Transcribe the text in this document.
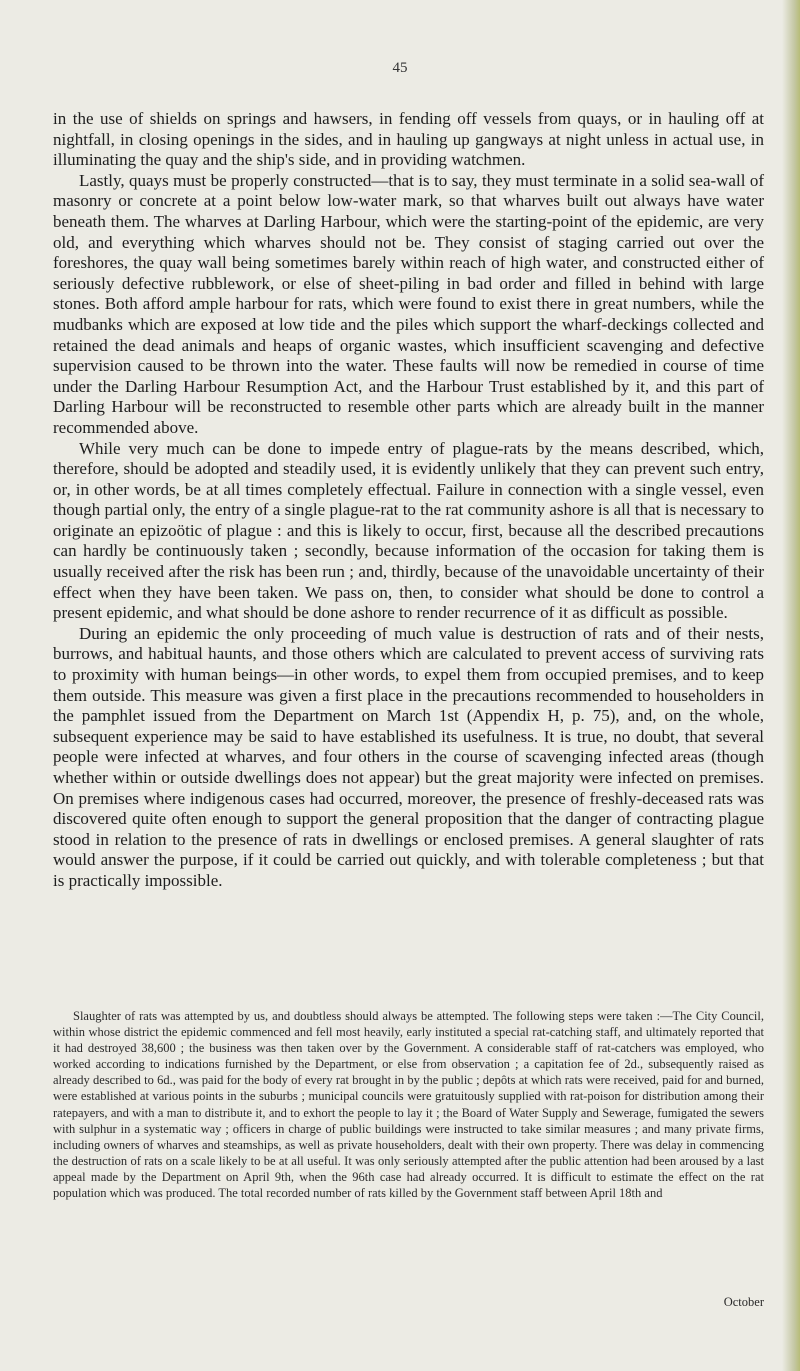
45

in the use of shields on springs and hawsers, in fending off vessels from quays, or in hauling off at nightfall, in closing openings in the sides, and in hauling up gangways at night unless in actual use, in illuminating the quay and the ship's side, and in providing watchmen.

Lastly, quays must be properly constructed—that is to say, they must terminate in a solid sea-wall of masonry or concrete at a point below low-water mark, so that wharves built out always have water beneath them. The wharves at Darling Harbour, which were the starting-point of the epidemic, are very old, and everything which wharves should not be. They consist of staging carried out over the foreshores, the quay wall being sometimes barely within reach of high water, and constructed either of seriously defective rubblework, or else of sheet-piling in bad order and filled in behind with large stones. Both afford ample harbour for rats, which were found to exist there in great numbers, while the mudbanks which are exposed at low tide and the piles which support the wharf-deckings collected and retained the dead animals and heaps of organic wastes, which insufficient scavenging and defective supervision caused to be thrown into the water. These faults will now be remedied in course of time under the Darling Harbour Resumption Act, and the Harbour Trust established by it, and this part of Darling Harbour will be reconstructed to resemble other parts which are already built in the manner recommended above.

While very much can be done to impede entry of plague-rats by the means described, which, therefore, should be adopted and steadily used, it is evidently unlikely that they can prevent such entry, or, in other words, be at all times completely effectual. Failure in connection with a single vessel, even though partial only, the entry of a single plague-rat to the rat community ashore is all that is necessary to originate an epizoötic of plague : and this is likely to occur, first, because all the described precautions can hardly be continuously taken ; secondly, because information of the occasion for taking them is usually received after the risk has been run ; and, thirdly, because of the unavoidable uncertainty of their effect when they have been taken. We pass on, then, to consider what should be done to control a present epidemic, and what should be done ashore to render recurrence of it as difficult as possible.

During an epidemic the only proceeding of much value is destruction of rats and of their nests, burrows, and habitual haunts, and those others which are calculated to prevent access of surviving rats to proximity with human beings—in other words, to expel them from occupied premises, and to keep them outside. This measure was given a first place in the precautions recommended to householders in the pamphlet issued from the Department on March 1st (Appendix H, p. 75), and, on the whole, subsequent experience may be said to have established its usefulness. It is true, no doubt, that several people were infected at wharves, and four others in the course of scavenging infected areas (though whether within or outside dwellings does not appear) but the great majority were infected on premises. On premises where indigenous cases had occurred, moreover, the presence of freshly-deceased rats was discovered quite often enough to support the general proposition that the danger of contracting plague stood in relation to the presence of rats in dwellings or enclosed premises. A general slaughter of rats would answer the purpose, if it could be carried out quickly, and with tolerable completeness ; but that is practically impossible.

Slaughter of rats was attempted by us, and doubtless should always be attempted. The following steps were taken :—The City Council, within whose district the epidemic commenced and fell most heavily, early instituted a special rat-catching staff, and ultimately reported that it had destroyed 38,600 ; the business was then taken over by the Government. A considerable staff of rat-catchers was employed, who worked according to indications furnished by the Department, or else from observation ; a capitation fee of 2d., subsequently raised as already described to 6d., was paid for the body of every rat brought in by the public ; depôts at which rats were received, paid for and burned, were established at various points in the suburbs ; municipal councils were gratuitously supplied with rat-poison for distribution among their ratepayers, and with a man to distribute it, and to exhort the people to lay it ; the Board of Water Supply and Sewerage, fumigated the sewers with sulphur in a systematic way ; officers in charge of public buildings were instructed to take similar measures ; and many private firms, including owners of wharves and steamships, as well as private householders, dealt with their own property. There was delay in commencing the destruction of rats on a scale likely to be at all useful. It was only seriously attempted after the public attention had been aroused by a last appeal made by the Department on April 9th, when the 96th case had already occurred. It is difficult to estimate the effect on the rat population which was produced. The total recorded number of rats killed by the Government staff between April 18th and

October
